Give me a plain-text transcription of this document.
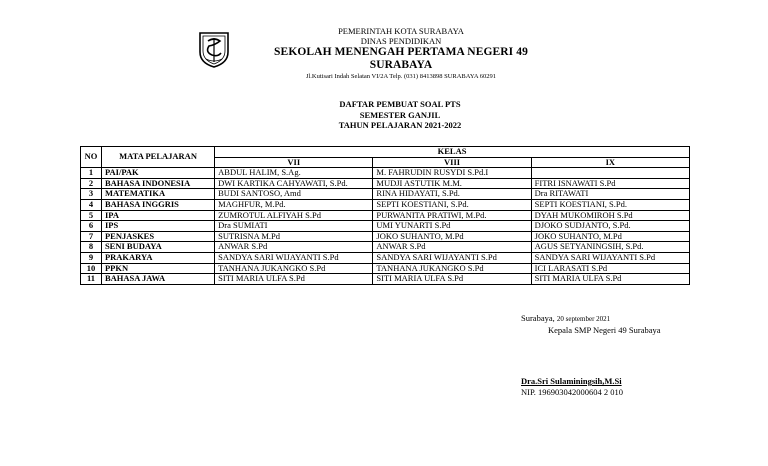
PEMERINTAH KOTA SURABAYA
DINAS PENDIDIKAN
SEKOLAH MENENGAH PERTAMA NEGERI 49 SURABAYA
Jl.Kutisari Indah Selatan VI/2A Telp. (031) 8413898 SURABAYA 60291
DAFTAR PEMBUAT SOAL PTS
SEMESTER GANJIL
TAHUN PELAJARAN 2021-2022
NO	MATA PELAJARAN	KELAS		
		VII	VIII	IX
1	PAI/PAK	ABDUL HALIM, S.Ag.	M. FAHRUDIN RUSYDI S.Pd.I	
2	BAHASA INDONESIA	DWI KARTIKA CAHYAWATI, S.Pd.	MUDJI ASTUTIK M.M.	FITRI ISNAWATI S.Pd
3	MATEMATIKA	BUDI SANTOSO, Amd	RINA HIDAYATI, S.Pd.	Dra RITAWATI
4	BAHASA INGGRIS	MAGHFUR, M.Pd.	SEPTI KOESTIANI, S.Pd.	SEPTI KOESTIANI, S.Pd.
5	IPA	ZUMROTUL ALFIYAH S.Pd	PURWANITA PRATIWI, M.Pd.	DYAH MUKOMIROH S.Pd
6	IPS	Dra SUMIATI	UMI YUNARTI S.Pd	DJOKO SUDJANTO, S.Pd.
7	PENJASKES	SUTRISNA M.Pd	JOKO SUHANTO, M.Pd	JOKO SUHANTO, M.Pd
8	SENI BUDAYA	ANWAR S.Pd	ANWAR S.Pd	AGUS SETYANINGSIH, S.Pd.
9	PRAKARYA	SANDYA SARI WIJAYANTI S.Pd	SANDYA SARI WIJAYANTI S.Pd	SANDYA SARI WIJAYANTI S.Pd
10	PPKN	TANHANA JUKANGKO S.Pd	TANHANA JUKANGKO S.Pd	ICI LARASATI S.Pd
11	BAHASA JAWA	SITI MARIA ULFA S.Pd	SITI MARIA ULFA S.Pd	SITI MARIA ULFA S.Pd
Surabaya, 20 september 2021
Kepala SMP Negeri 49 Surabaya
Dra.Sri Sulaminingsih,M.Si
NIP. 196903042000604 2 010
